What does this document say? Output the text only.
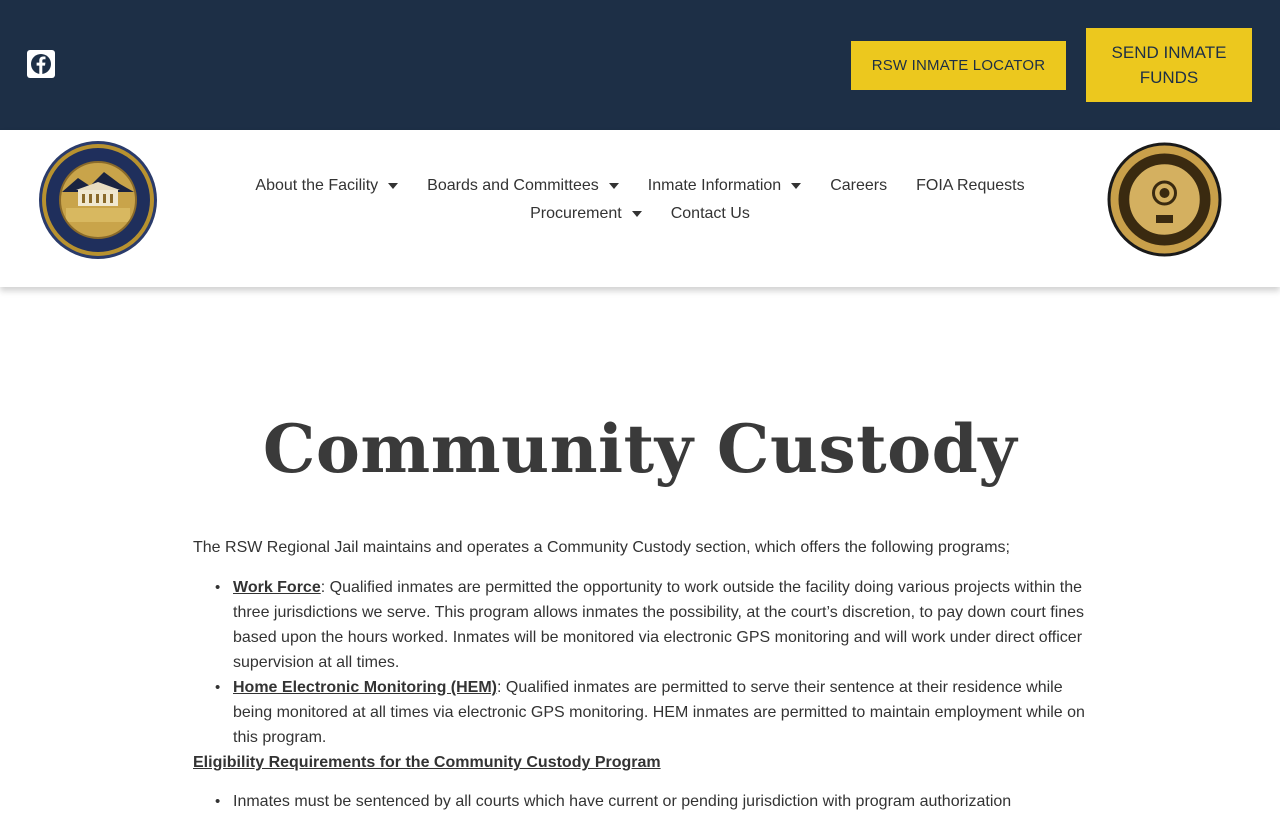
RSW INMATE LOCATOR
SEND INMATE FUNDS
About the Facility	Boards and Committees	Inmate Information	Careers FOIA Requests
Procurement	Contact Us
Community Custody

The RSW Regional Jail maintains and operates a Community Custody section, which offers the following programs;

• Work Force: Qualified inmates are permitted the opportunity to work outside the facility doing various projects within the three jurisdictions we serve. This program allows inmates the possibility, at the court’s discretion, to pay down court fines based upon the hours worked. Inmates will be monitored via electronic GPS monitoring and will work under direct officer supervision at all times.
• Home Electronic Monitoring (HEM): Qualified inmates are permitted to serve their sentence at their residence while being monitored at all times via electronic GPS monitoring. HEM inmates are permitted to maintain employment while on this program.

Eligibility Requirements for the Community Custody Program

• Inmates must be sentenced by all courts which have current or pending jurisdiction with program authorization
